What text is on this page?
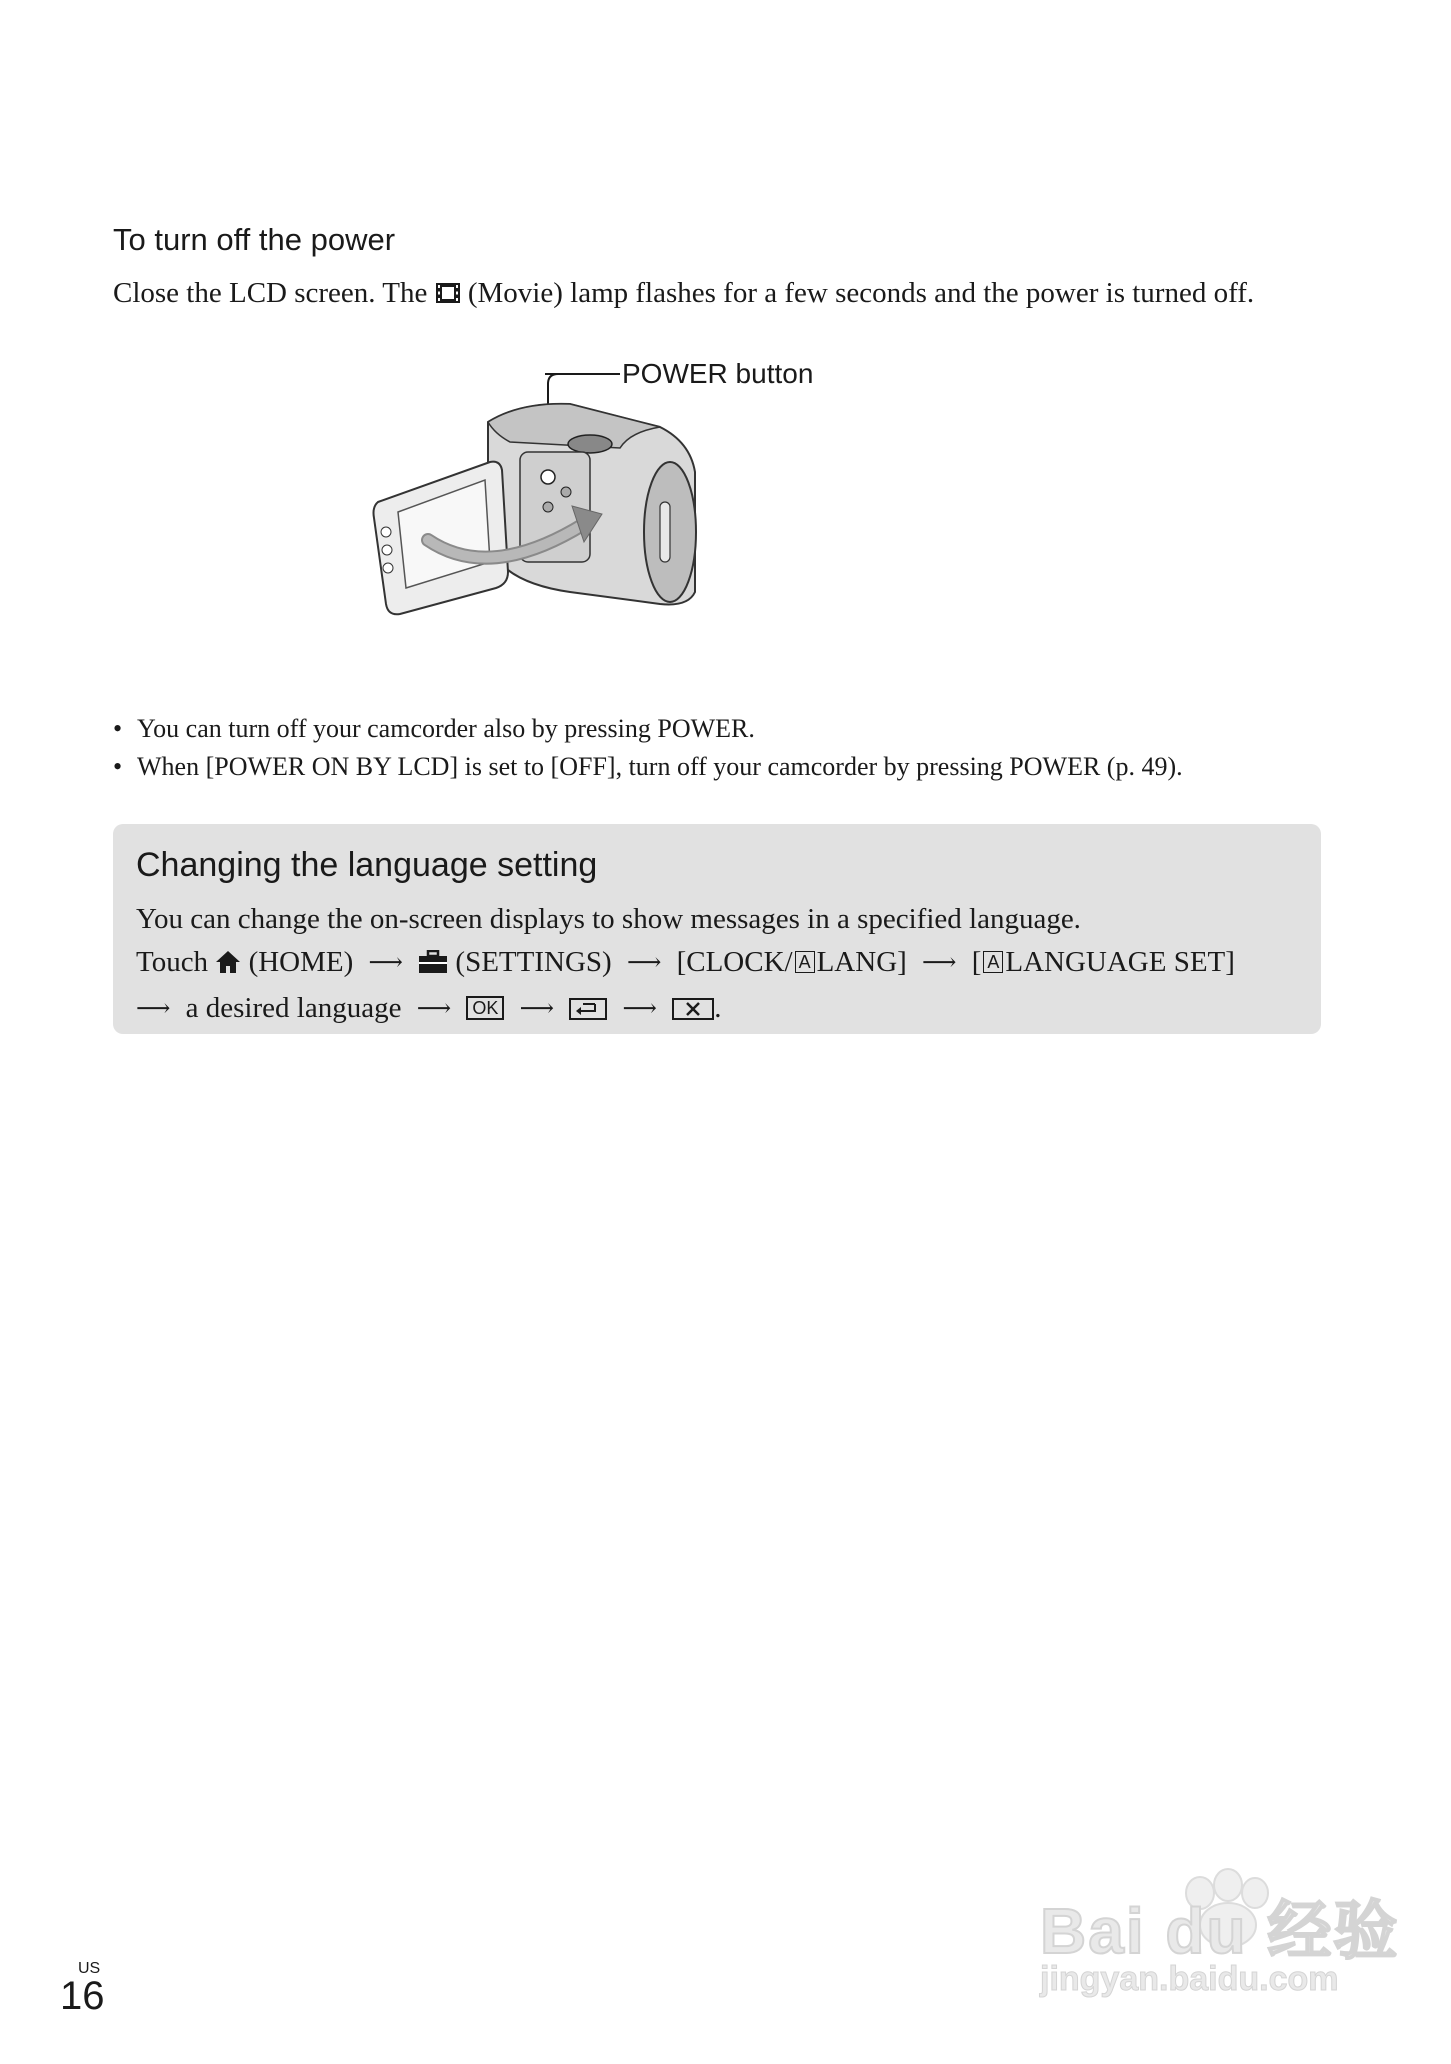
To turn off the power
Close the LCD screen. The (Movie) lamp flashes for a few seconds and the power is turned off.
POWER button
• You can turn off your camcorder also by pressing POWER.
• When [POWER ON BY LCD] is set to [OFF], turn off your camcorder by pressing POWER (p. 49).
Changing the language setting
You can change the on-screen displays to show messages in a specified language.
Touch (HOME) ⟶ (SETTINGS) ⟶ [CLOCK/ A LANG] ⟶ [ A LANGUAGE SET]
⟶ a desired language ⟶ OK ⟶	⟶ .
Bai du 经验
jingyan.baidu.com
US
16
